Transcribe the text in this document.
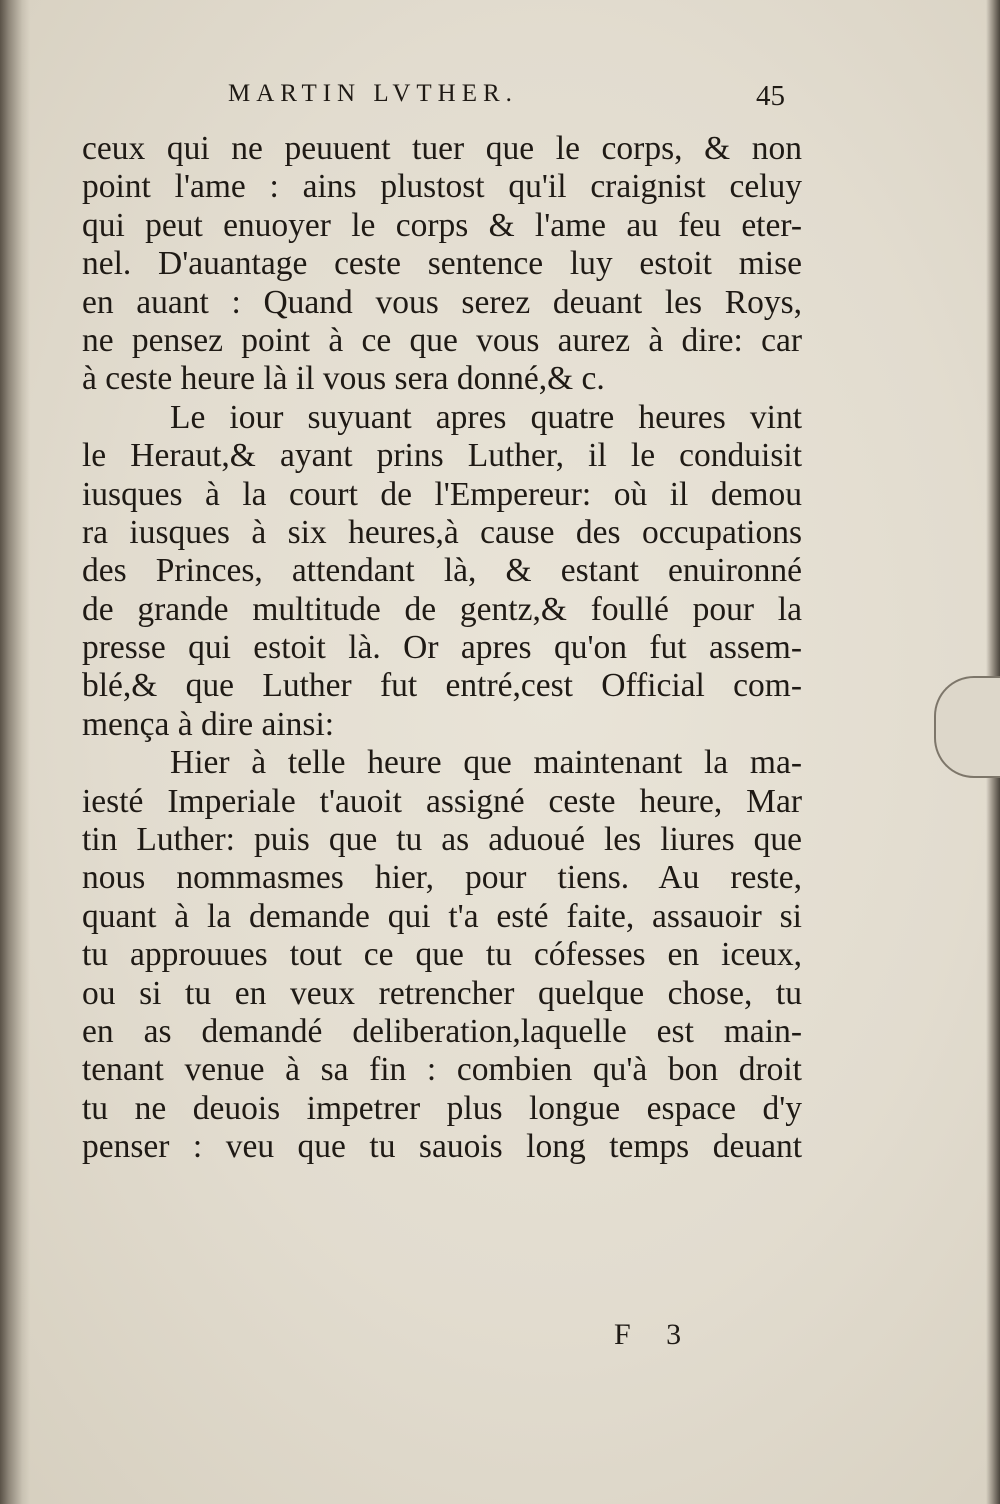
MARTIN LVTHER.	45
ceux qui ne peuuent tuer que le corps, & non
point l'ame : ains plustost qu'il craignist celuy
qui peut enuoyer le corps & l'ame au feu eter-
nel. D'auantage ceste sentence luy estoit mise
en auant : Quand vous serez deuant les Roys,
ne pensez point à ce que vous aurez à dire: car
à ceste heure là il vous sera donné,& c.
Le iour suyuant apres quatre heures vint
le Heraut,& ayant prins Luther, il le conduisit
iusques à la court de l'Empereur: où il demou
ra iusques à six heures,à cause des occupations
des Princes, attendant là, & estant enuironné
de grande multitude de gentz,& foullé pour la
presse qui estoit là. Or apres qu'on fut assem-
blé,& que Luther fut entré,cest Official com-
mença à dire ainsi:
Hier à telle heure que maintenant la ma-
iesté Imperiale t'auoit assigné ceste heure, Mar
tin Luther: puis que tu as aduoué les liures que
nous nommasmes hier, pour tiens. Au reste,
quant à la demande qui t'a esté faite, assauoir si
tu approuues tout ce que tu cófesses en iceux,
ou si tu en veux retrencher quelque chose, tu
en as demandé deliberation,laquelle est main-
tenant venue à sa fin : combien qu'à bon droit
tu ne deuois impetrer plus longue espace d'y
penser : veu que tu sauois long temps deuant
F 3
